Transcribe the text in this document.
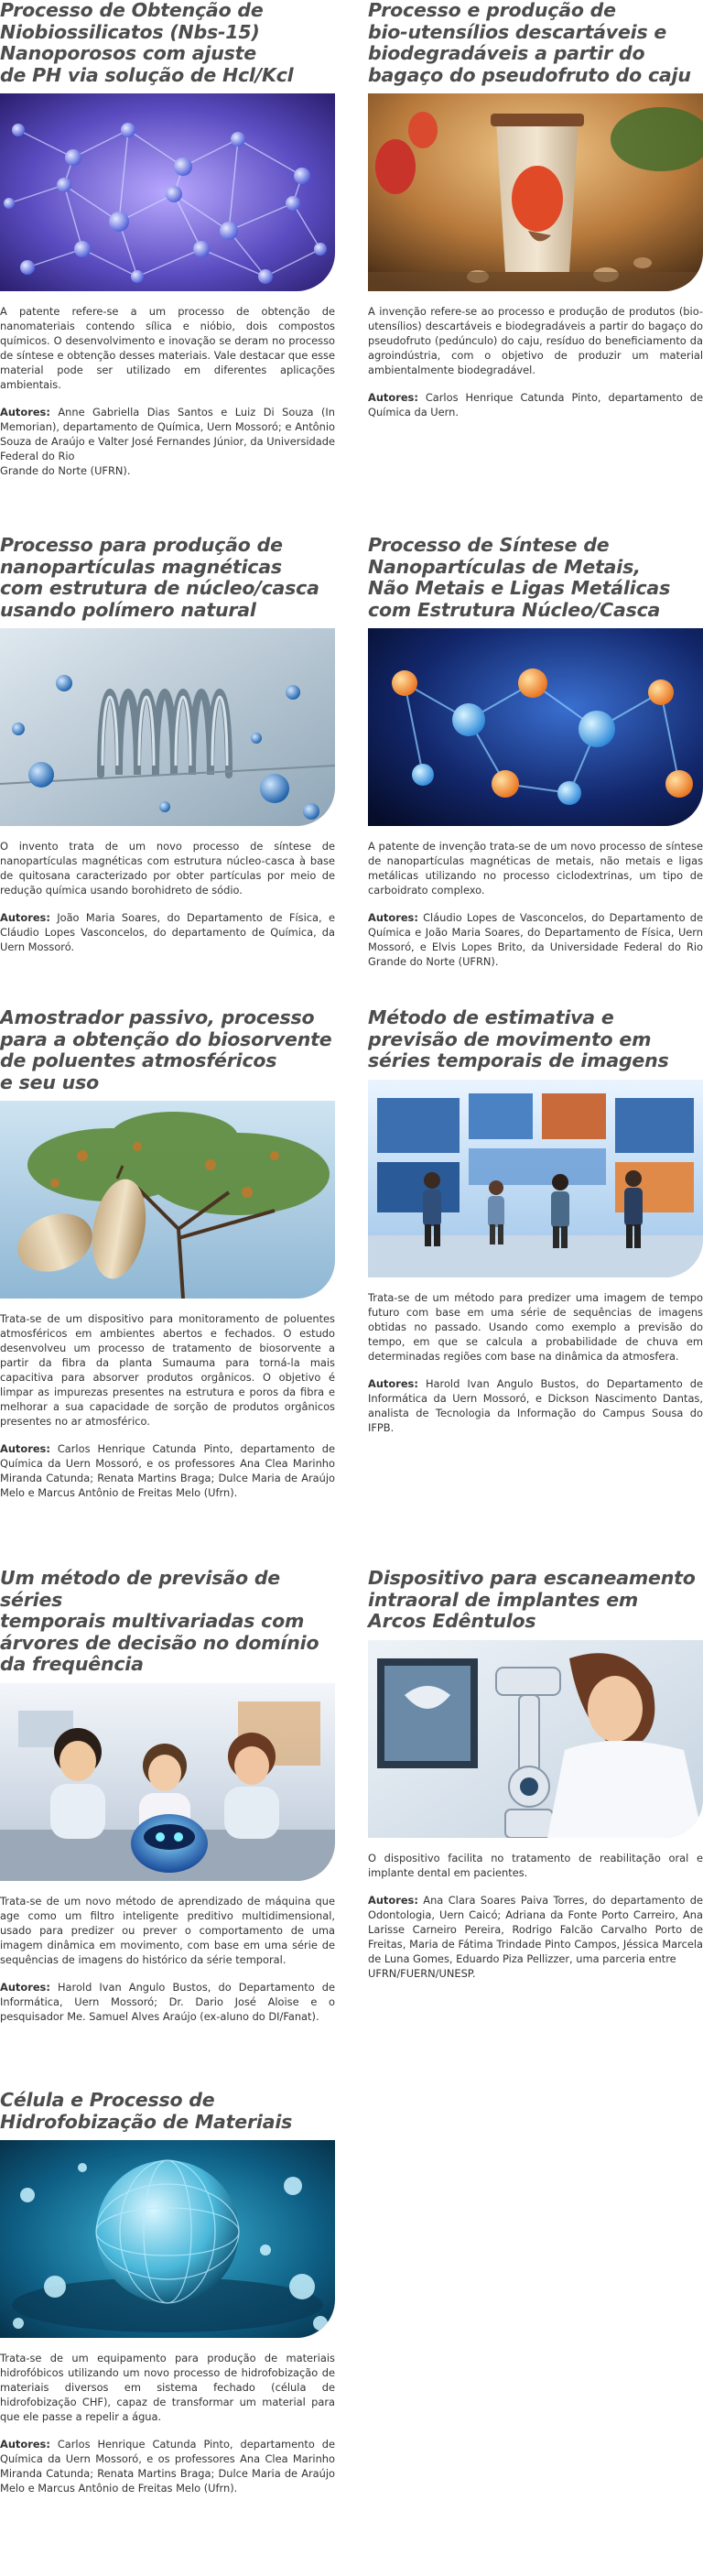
Processo de Obtenção de
Niobiossilicatos (Nbs-15)
Nanoporosos com ajuste
de PH via solução de Hcl/Kcl
A patente refere-se a um processo de obtenção de nanomateriais contendo sílica e nióbio, dois compostos químicos. O desenvolvimento e inovação se deram no processo de síntese e obtenção desses materiais. Vale destacar que esse material pode ser utilizado em diferentes aplicações ambientais.
Autores: Anne Gabriella Dias Santos e Luiz Di Souza (In Memorian), departamento de Química, Uern Mossoró; e Antônio Souza de Araújo e Valter José Fernandes Júnior, da Universidade Federal do Rio
Grande do Norte (UFRN).
Processo e produção de
bio-utensílios descartáveis e
biodegradáveis a partir do
bagaço do pseudofruto do caju
A invenção refere-se ao processo e produção de produtos (bio-utensílios) descartáveis e biodegradáveis a partir do bagaço do pseudofruto (pedúnculo) do caju, resíduo do beneficiamento da agroindústria, com o objetivo de produzir um material ambientalmente biodegradável.
Autores: Carlos Henrique Catunda Pinto, departamento de Química da Uern.
Processo para produção de
nanopartículas magnéticas
com estrutura de núcleo/casca
usando polímero natural
O invento trata de um novo processo de síntese de nanopartículas magnéticas com estrutura núcleo-casca à base de quitosana caracterizado por obter partículas por meio de redução química usando borohidreto de sódio.
Autores: João Maria Soares, do Departamento de Física, e Cláudio Lopes Vasconcelos, do departamento de Química, da Uern Mossoró.
Processo de Síntese de
Nanopartículas de Metais,
Não Metais e Ligas Metálicas
com Estrutura Núcleo/Casca
A patente de invenção trata-se de um novo processo de síntese de nanopartículas magnéticas de metais, não metais e ligas metálicas utilizando no processo ciclodextrinas, um tipo de carboidrato complexo.
Autores: Cláudio Lopes de Vasconcelos, do Departamento de Química e João Maria Soares, do Departamento de Física, Uern Mossoró, e Elvis Lopes Brito, da Universidade Federal do Rio Grande do Norte (UFRN).
Amostrador passivo, processo
para a obtenção do biosorvente
de poluentes atmosféricos
e seu uso
Trata-se de um dispositivo para monitoramento de poluentes atmosféricos em ambientes abertos e fechados. O estudo desenvolveu um processo de tratamento de biosorvente a partir da fibra da planta Sumauma para torná-la mais capacitiva para absorver produtos orgânicos. O objetivo é limpar as impurezas presentes na estrutura e poros da fibra e melhorar a sua capacidade de sorção de produtos orgânicos presentes no ar atmosférico.
Autores: Carlos Henrique Catunda Pinto, departamento de Química da Uern Mossoró, e os professores Ana Clea Marinho Miranda Catunda; Renata Martins Braga; Dulce Maria de Araújo Melo e Marcus Antônio de Freitas Melo (Ufrn).
Método de estimativa e
previsão de movimento em
séries temporais de imagens
Trata-se de um método para predizer uma imagem de tempo futuro com base em uma série de sequências de imagens obtidas no passado. Usando como exemplo a previsão do tempo, em que se calcula a probabilidade de chuva em determinadas regiões com base na dinâmica da atmosfera.
Autores: Harold Ivan Angulo Bustos, do Departamento de Informática da Uern Mossoró, e Dickson Nascimento Dantas, analista de Tecnologia da Informação do Campus Sousa do IFPB.
Um método de previsão de séries
temporais multivariadas com
árvores de decisão no domínio
da frequência
Trata-se de um novo método de aprendizado de máquina que age como um filtro inteligente preditivo multidimensional, usado para predizer ou prever o comportamento de uma imagem dinâmica em movimento, com base em uma série de sequências de imagens do histórico da série temporal.
Autores: Harold Ivan Angulo Bustos, do Departamento de Informática, Uern Mossoró; Dr. Dario José Aloise e o pesquisador Me. Samuel Alves Araújo (ex-aluno do DI/Fanat).
Dispositivo para escaneamento
intraoral de implantes em
Arcos Edêntulos
O dispositivo facilita no tratamento de reabilitação oral e implante dental em pacientes.
Autores: Ana Clara Soares Paiva Torres, do departamento de Odontologia, Uern Caicó; Adriana da Fonte Porto Carreiro, Ana Larisse Carneiro Pereira, Rodrigo Falcão Carvalho Porto de Freitas, Maria de Fátima Trindade Pinto Campos, Jéssica Marcela de Luna Gomes, Eduardo Piza Pellizzer, uma parceria entre
UFRN/FUERN/UNESP.
Célula e Processo de
Hidrofobização de Materiais
Trata-se de um equipamento para produção de materiais hidrofóbicos utilizando um novo processo de hidrofobização de materiais diversos em sistema fechado (célula de hidrofobização CHF), capaz de transformar um material para que ele passe a repelir a água.
Autores: Carlos Henrique Catunda Pinto, departamento de Química da Uern Mossoró, e os professores Ana Clea Marinho Miranda Catunda; Renata Martins Braga; Dulce Maria de Araújo Melo e Marcus Antônio de Freitas Melo (Ufrn).
